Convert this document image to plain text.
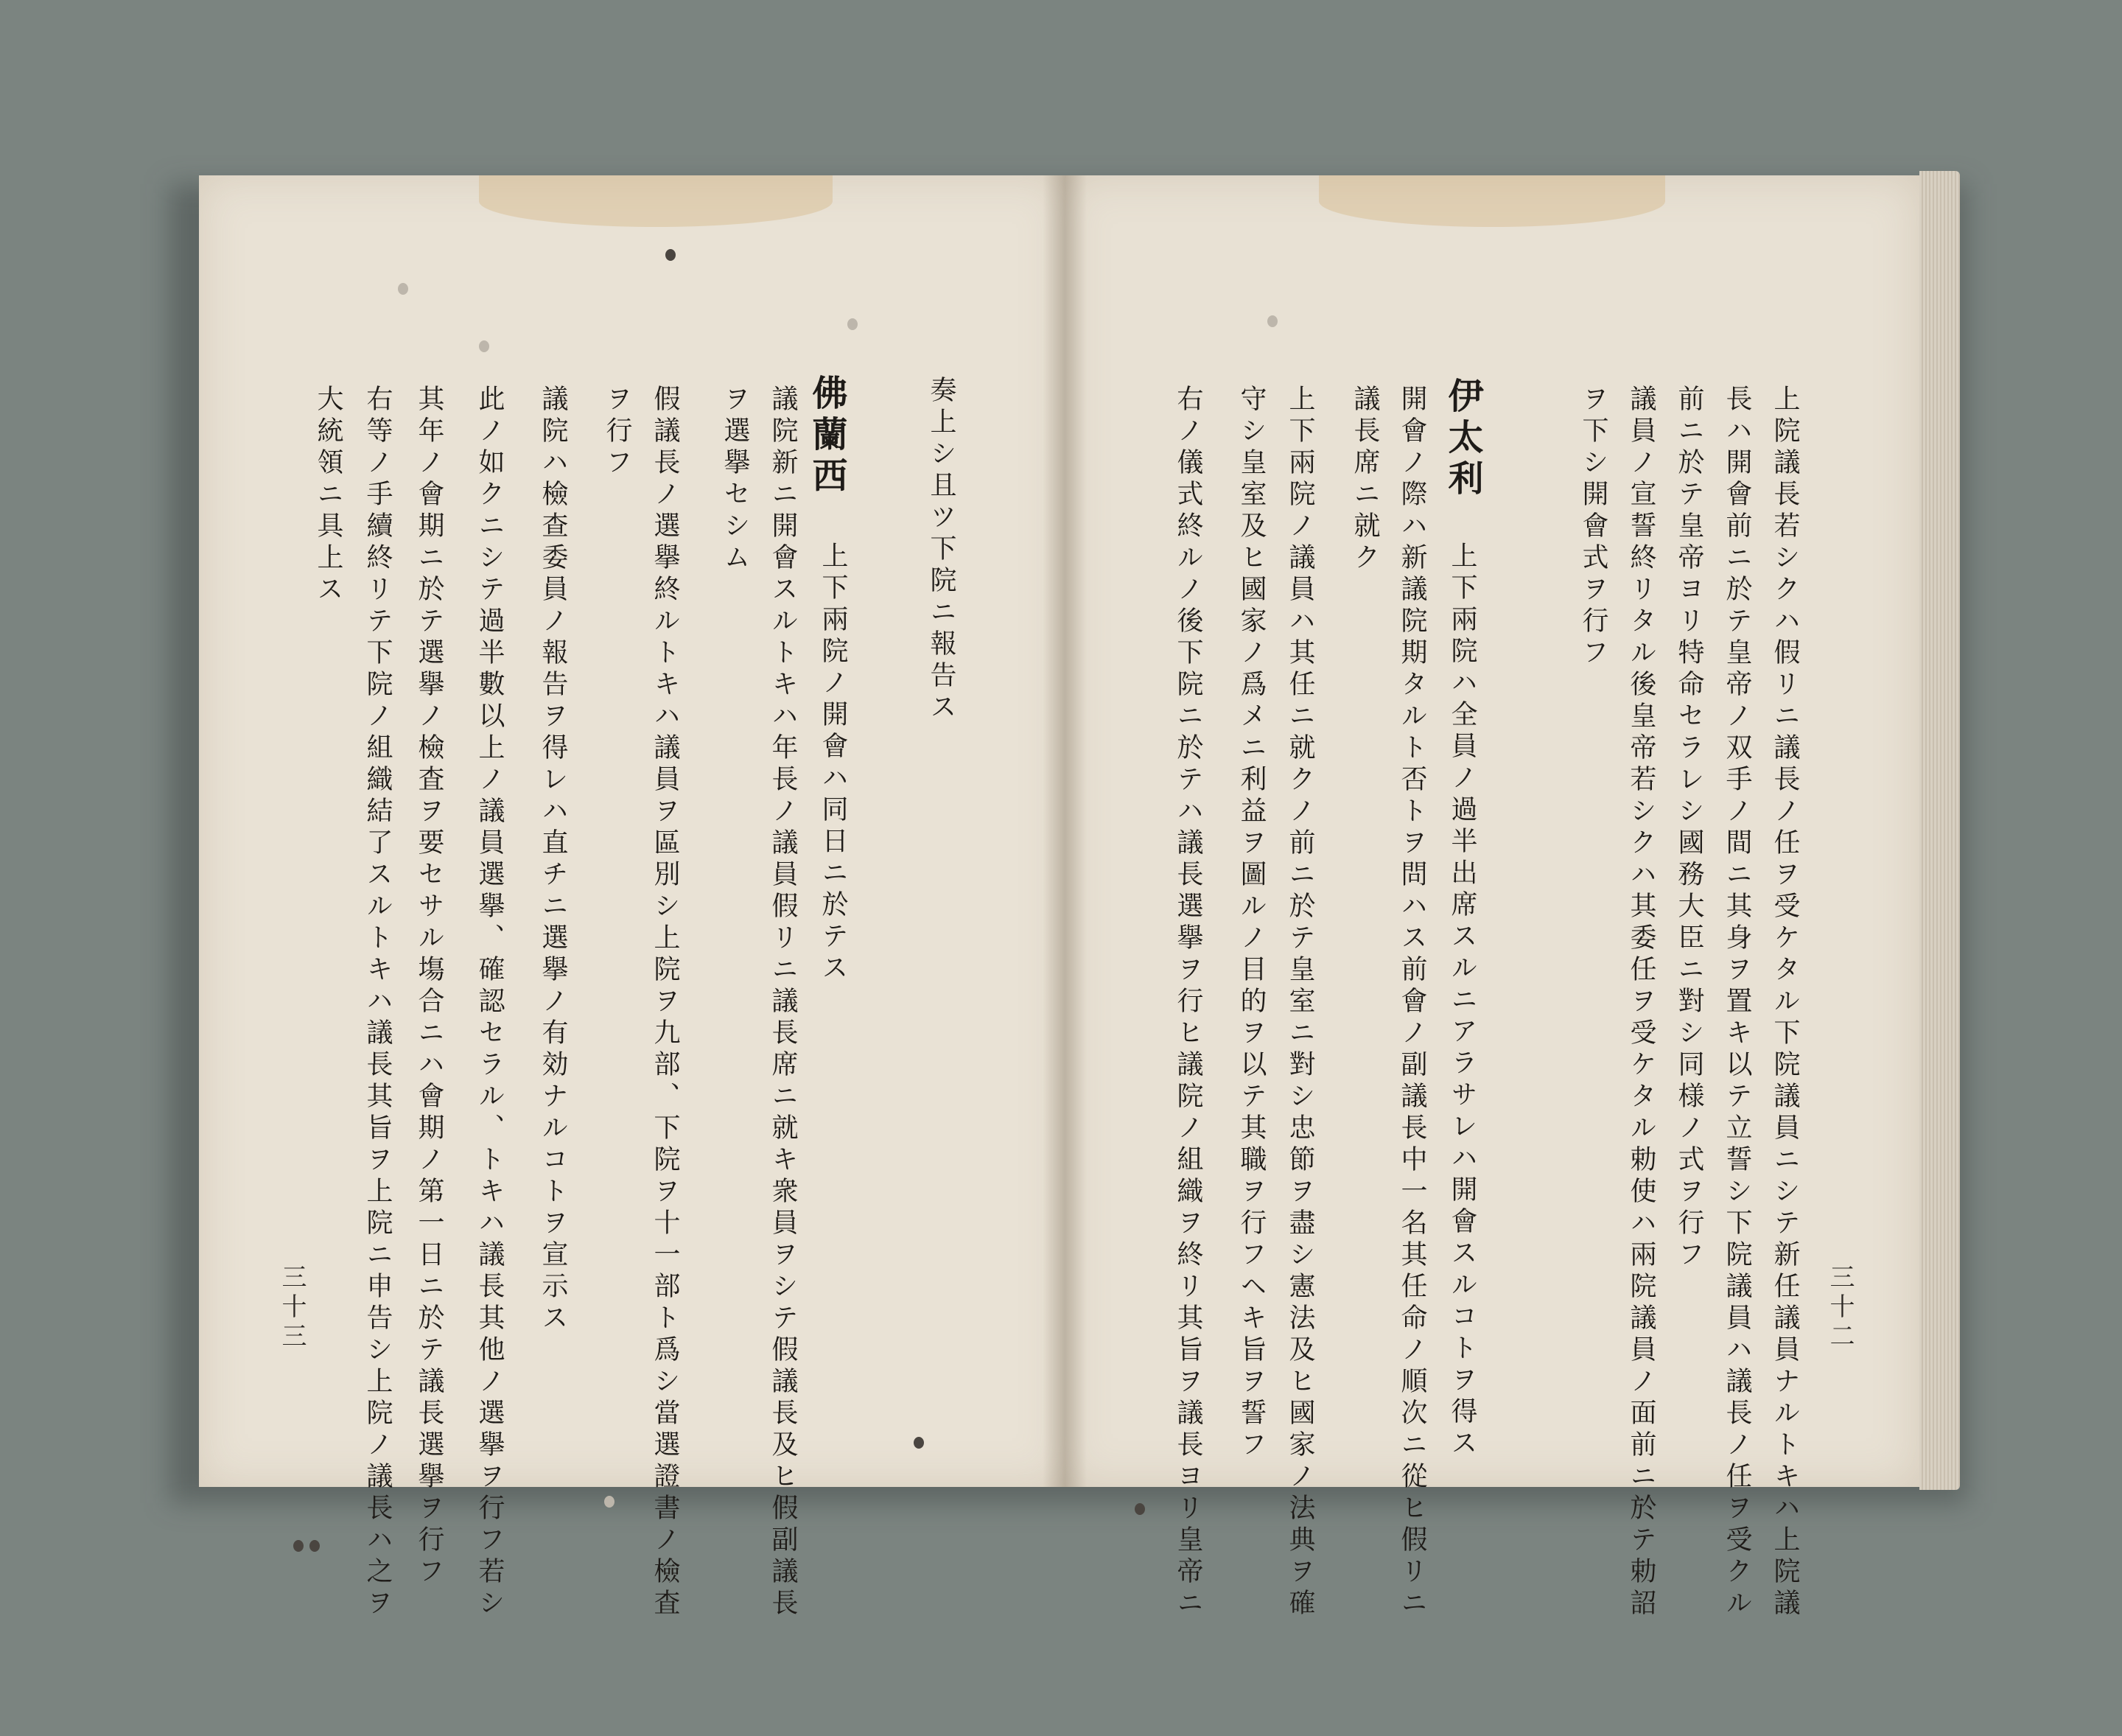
三十二
上院議長若シクハ假リニ議長ノ任ヲ受ケタル下院議員ニシテ新任議員ナルトキハ上院議
長ハ開會前ニ於テ皇帝ノ双手ノ間ニ其身ヲ置キ以テ立誓シ下院議員ハ議長ノ任ヲ受クル
前ニ於テ皇帝ヨリ特命セラレシ國務大臣ニ對シ同様ノ式ヲ行フ
議員ノ宣誓終リタル後皇帝若シクハ其委任ヲ受ケタル勅使ハ兩院議員ノ面前ニ於テ勅詔
ヲ下シ開會式ヲ行フ
伊太利
上下兩院ハ全員ノ過半出席スルニアラサレハ開會スルコトヲ得ス
開會ノ際ハ新議院期タルト否トヲ問ハス前會ノ副議長中一名其任命ノ順次ニ從ヒ假リニ
議長席ニ就ク
上下兩院ノ議員ハ其任ニ就クノ前ニ於テ皇室ニ對シ忠節ヲ盡シ憲法及ヒ國家ノ法典ヲ確
守シ皇室及ヒ國家ノ爲メニ利益ヲ圖ルノ目的ヲ以テ其職ヲ行フヘキ旨ヲ誓フ
右ノ儀式終ルノ後下院ニ於テハ議長選擧ヲ行ヒ議院ノ組織ヲ終リ其旨ヲ議長ヨリ皇帝ニ
三十三
奏上シ且ツ下院ニ報告ス
佛蘭西
上下兩院ノ開會ハ同日ニ於テス
議院新ニ開會スルトキハ年長ノ議員假リニ議長席ニ就キ衆員ヲシテ假議長及ヒ假副議長
ヲ選擧セシム
假議長ノ選擧終ルトキハ議員ヲ區別シ上院ヲ九部、下院ヲ十一部ト爲シ當選證書ノ檢査
ヲ行フ
議院ハ檢查委員ノ報告ヲ得レハ直チニ選擧ノ有効ナルコトヲ宣示ス
此ノ如クニシテ過半數以上ノ議員選擧、確認セラル、トキハ議長其他ノ選擧ヲ行フ若シ
其年ノ會期ニ於テ選擧ノ檢査ヲ要セサル塲合ニハ會期ノ第一日ニ於テ議長選擧ヲ行フ
右等ノ手續終リテ下院ノ組織結了スルトキハ議長其旨ヲ上院ニ申告シ上院ノ議長ハ之ヲ
大統領ニ具上ス
